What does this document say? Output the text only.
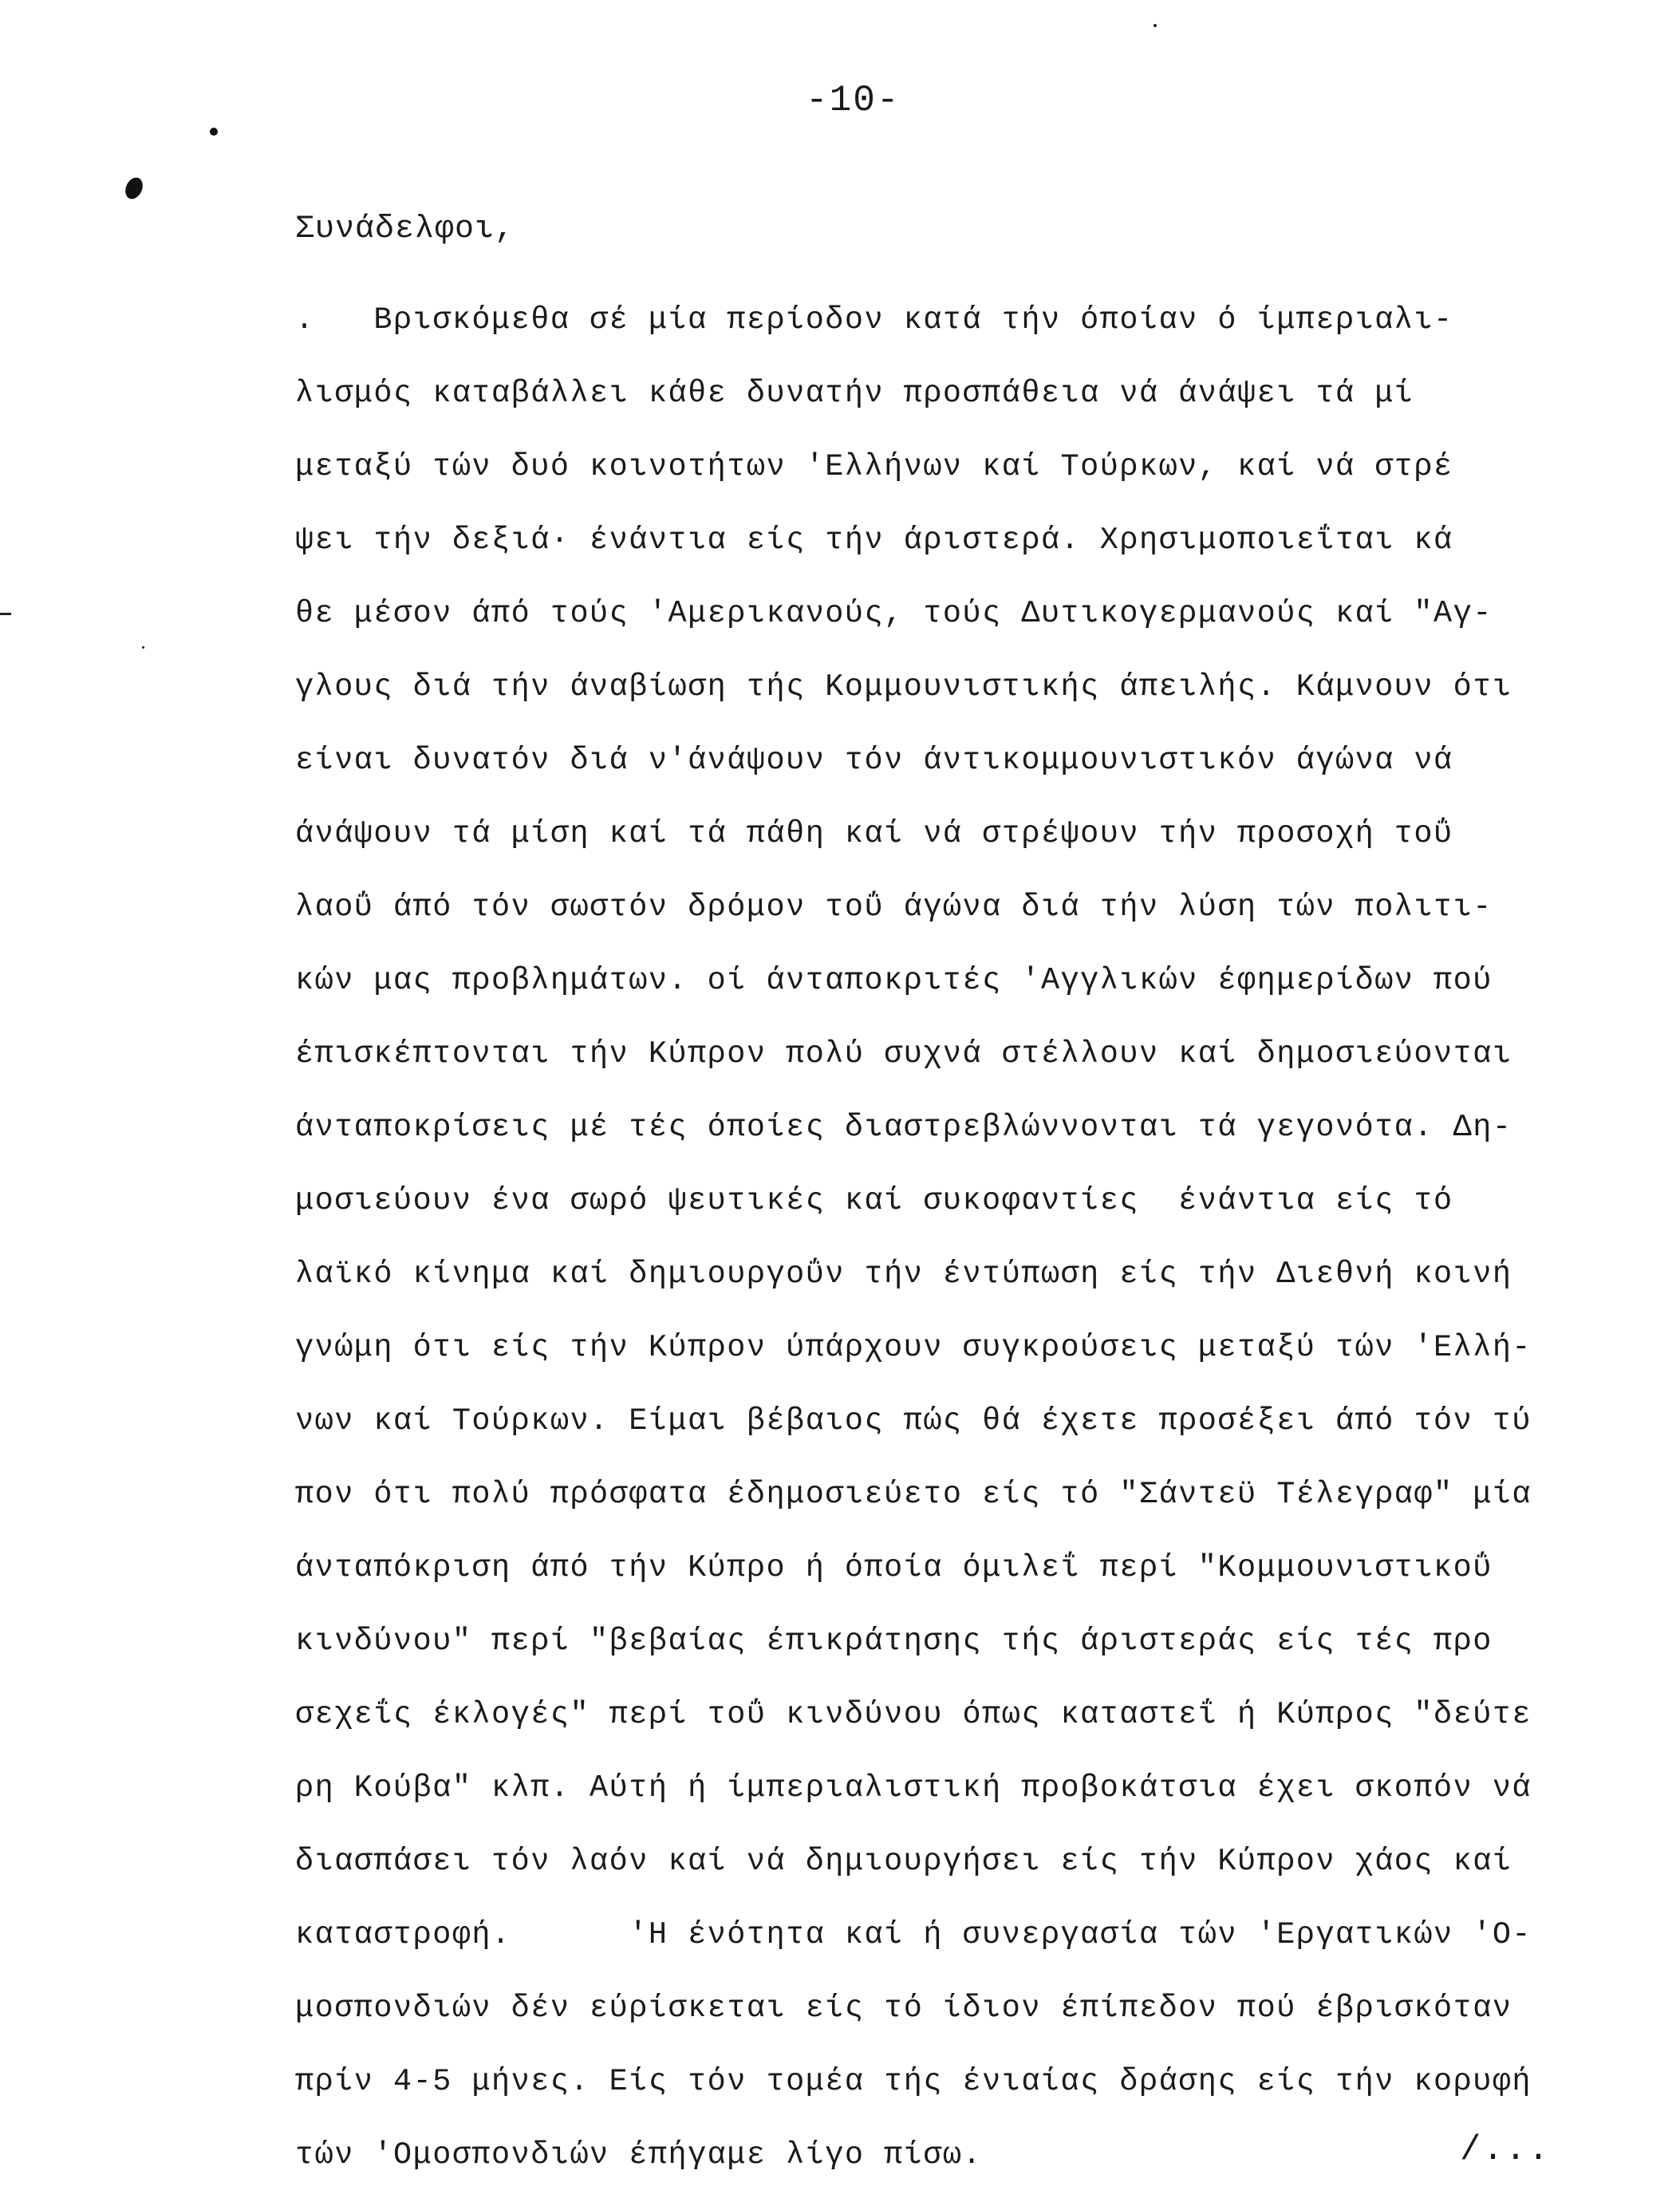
-10-
Συνάδελφοι,
.   Βρισκόμεθα σέ μία περίοδον κατά τήν όποίαν ό ίμπεριαλι-
λισμός καταβάλλει κάθε δυνατήν προσπάθεια νά άνάψει τά μί
μεταξύ τών δυό κοινοτήτων 'Ελλήνων καί Τούρκων, καί νά στρέ
ψει τήν δεξιά· ένάντια είς τήν άριστερά. Χρησιμοποιεΐται κά
θε μέσον άπό τούς 'Αμερικανούς, τούς Δυτικογερμανούς καί "Αγ-
γλους διά τήν άναβίωση τής Κομμουνιστικής άπειλής. Κάμνουν ότι
είναι δυνατόν διά ν'άνάψουν τόν άντικομμουνιστικόν άγώνα νά
άνάψουν τά μίση καί τά πάθη καί νά στρέψουν τήν προσοχή τοΰ
λαοΰ άπό τόν σωστόν δρόμον τοΰ άγώνα διά τήν λύση τών πολιτι-
κών μας προβλημάτων. οί άνταποκριτές 'Αγγλικών έφημερίδων πού
έπισκέπτονται τήν Κύπρον πολύ συχνά στέλλουν καί δημοσιεύονται
άνταποκρίσεις μέ τές όποίες διαστρεβλώννονται τά γεγονότα. Δη-
μοσιεύουν ένα σωρό ψευτικές καί συκοφαντίες  ένάντια είς τό
λαϊκό κίνημα καί δημιουργοΰν τήν έντύπωση είς τήν Διεθνή κοινή
γνώμη ότι είς τήν Κύπρον ύπάρχουν συγκρούσεις μεταξύ τών 'Ελλή-
νων καί Τούρκων. Είμαι βέβαιος πώς θά έχετε προσέξει άπό τόν τύ
πον ότι πολύ πρόσφατα έδημοσιεύετο είς τό "Σάντεϋ Τέλεγραφ" μία
άνταπόκριση άπό τήν Κύπρο ή όποία όμιλεΐ περί "Κομμουνιστικοΰ
κινδύνου" περί "βεβαίας έπικράτησης τής άριστεράς είς τές προ
σεχεΐς έκλογές" περί τοΰ κινδύνου όπως καταστεΐ ή Κύπρος "δεύτε
ρη Κούβα" κλπ. Αύτή ή ίμπεριαλιστική προβοκάτσια έχει σκοπόν νά
διασπάσει τόν λαόν καί νά δημιουργήσει είς τήν Κύπρον χάος καί
καταστροφή.      'Η ένότητα καί ή συνεργασία τών 'Εργατικών 'Ο-
μοσπονδιών δέν εύρίσκεται είς τό ίδιον έπίπεδον πού έβρισκόταν
πρίν 4-5 μήνες. Είς τόν τομέα τής ένιαίας δράσης είς τήν κορυφή
τών 'Ομοσπονδιών έπήγαμε λίγο πίσω.	/...
